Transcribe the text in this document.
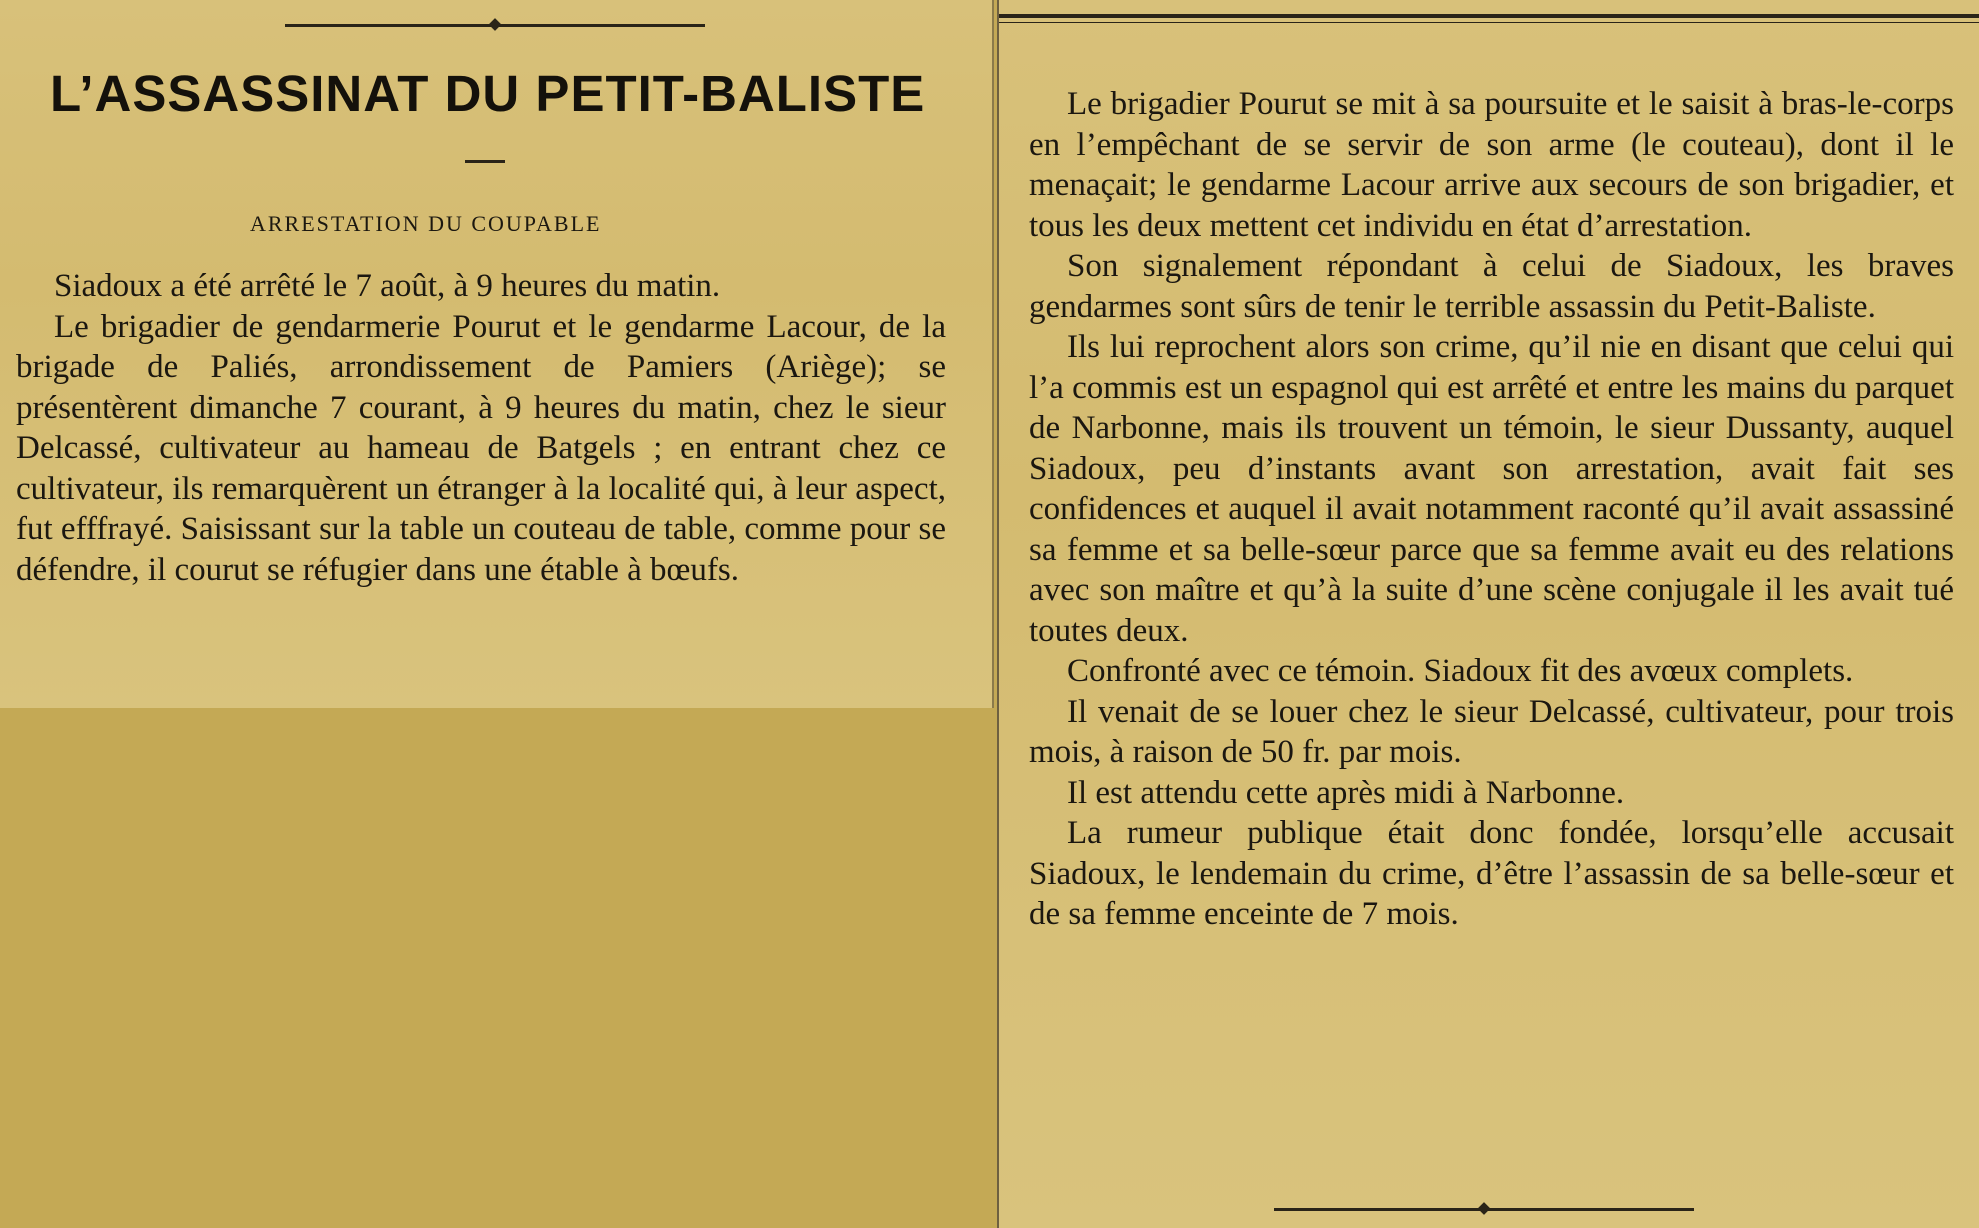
L’ASSASSINAT DU PETIT-BALISTE
ARRESTATION DU COUPABLE

Siadoux a été arrêté le 7 août, à 9 heures du matin.

Le brigadier de gendarmerie Pourut et le gendarme Lacour, de la brigade de Paliés, arrondissement de Pamiers (Ariège); se présentèrent dimanche 7 courant, à 9 heures du matin, chez le sieur Delcassé, cultivateur au hameau de Batgels ; en entrant chez ce cultivateur, ils remarquèrent un étranger à la localité qui, à leur aspect, fut efffrayé. Saisissant sur la table un couteau de table, comme pour se défendre, il courut se réfugier dans une étable à bœufs.

Le brigadier Pourut se mit à sa poursuite et le saisit à bras-le-corps en l’empêchant de se servir de son arme (le couteau), dont il le menaçait; le gendarme Lacour arrive aux secours de son brigadier, et tous les deux mettent cet individu en état d’arrestation.

Son signalement répondant à celui de Siadoux, les braves gendarmes sont sûrs de tenir le terrible assassin du Petit-Baliste.

Ils lui reprochent alors son crime, qu’il nie en disant que celui qui l’a commis est un espagnol qui est arrêté et entre les mains du parquet de Narbonne, mais ils trouvent un témoin, le sieur Dussanty, auquel Siadoux, peu d’instants avant son arrestation, avait fait ses confidences et auquel il avait notamment raconté qu’il avait assassiné sa femme et sa belle-sœur parce que sa femme avait eu des relations avec son maître et qu’à la suite d’une scène conjugale il les avait tué toutes deux.

Confronté avec ce témoin. Siadoux fit des avœux complets.

Il venait de se louer chez le sieur Delcassé, cultivateur, pour trois mois, à raison de 50 fr. par mois.

Il est attendu cette après midi à Narbonne.

La rumeur publique était donc fondée, lorsqu’elle accusait Siadoux, le lendemain du crime, d’être l’assassin de sa belle-sœur et de sa femme enceinte de 7 mois.
